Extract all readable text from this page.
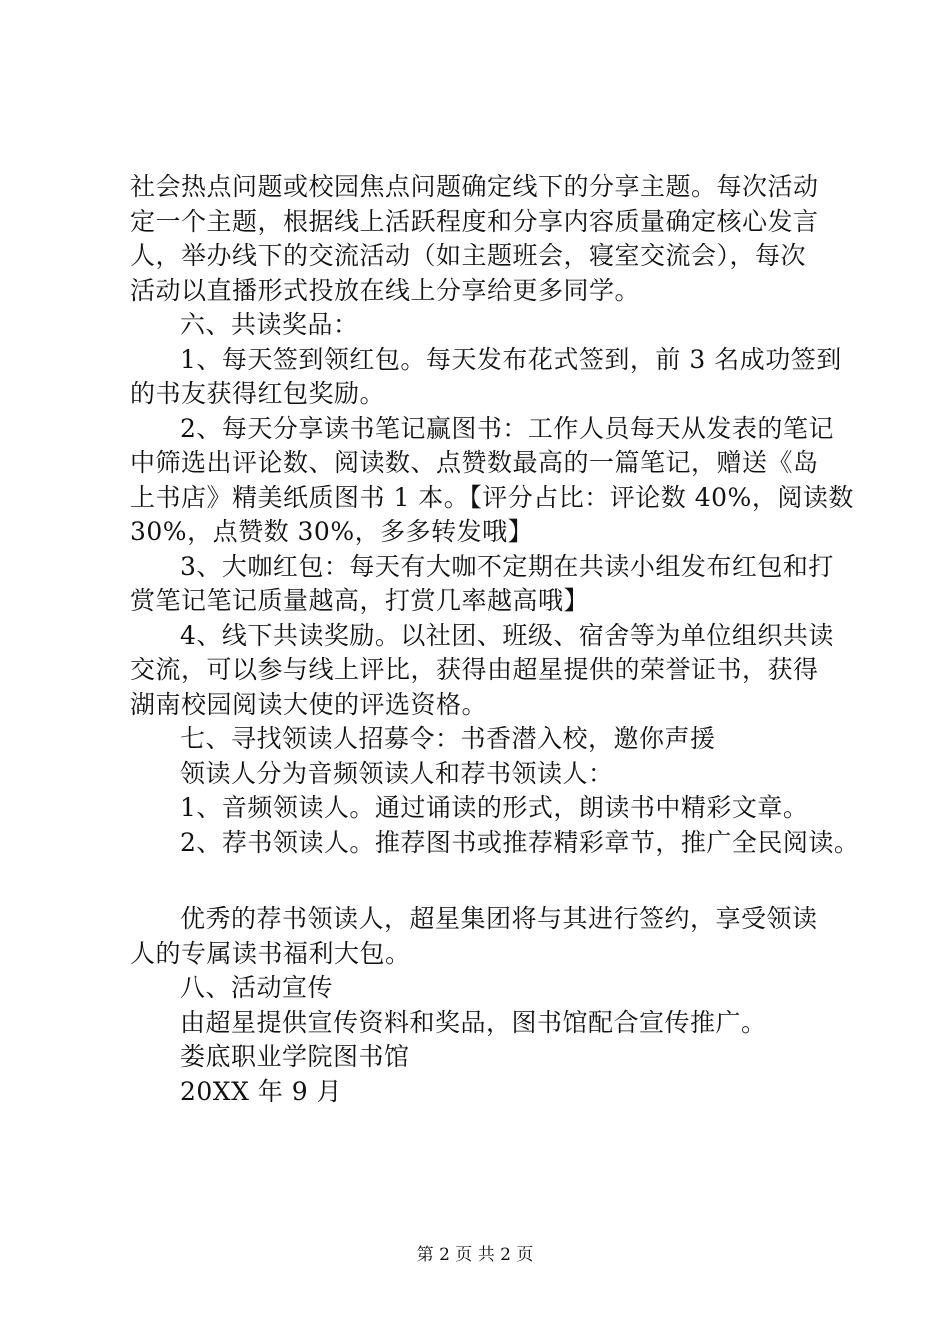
社会热点问题或校园焦点问题确定线下的分享主题。每次活动

定一个主题，根据线上活跃程度和分享内容质量确定核心发言

人，举办线下的交流活动（如主题班会，寝室交流会），每次

活动以直播形式投放在线上分享给更多同学。

六、共读奖品：

1、每天签到领红包。每天发布花式签到，前 3 名成功签到

的书友获得红包奖励。

2、每天分享读书笔记赢图书：工作人员每天从发表的笔记

中筛选出评论数、阅读数、点赞数最高的一篇笔记，赠送《岛

上书店》精美纸质图书 1 本。【评分占比：评论数 40%，阅读数

30%，点赞数 30%，多多转发哦】

3、大咖红包：每天有大咖不定期在共读小组发布红包和打

赏笔记笔记质量越高，打赏几率越高哦】

4、线下共读奖励。以社团、班级、宿舍等为单位组织共读

交流，可以参与线上评比，获得由超星提供的荣誉证书，获得

湖南校园阅读大使的评选资格。

七、寻找领读人招募令：书香潜入校，邀你声援

领读人分为音频领读人和荐书领读人：

1、音频领读人。通过诵读的形式，朗读书中精彩文章。

2、荐书领读人。推荐图书或推荐精彩章节，推广全民阅读。

优秀的荐书领读人，超星集团将与其进行签约，享受领读

人的专属读书福利大包。

八、活动宣传

由超星提供宣传资料和奖品，图书馆配合宣传推广。

娄底职业学院图书馆

20XX 年 9 月

第 2 页 共 2 页
